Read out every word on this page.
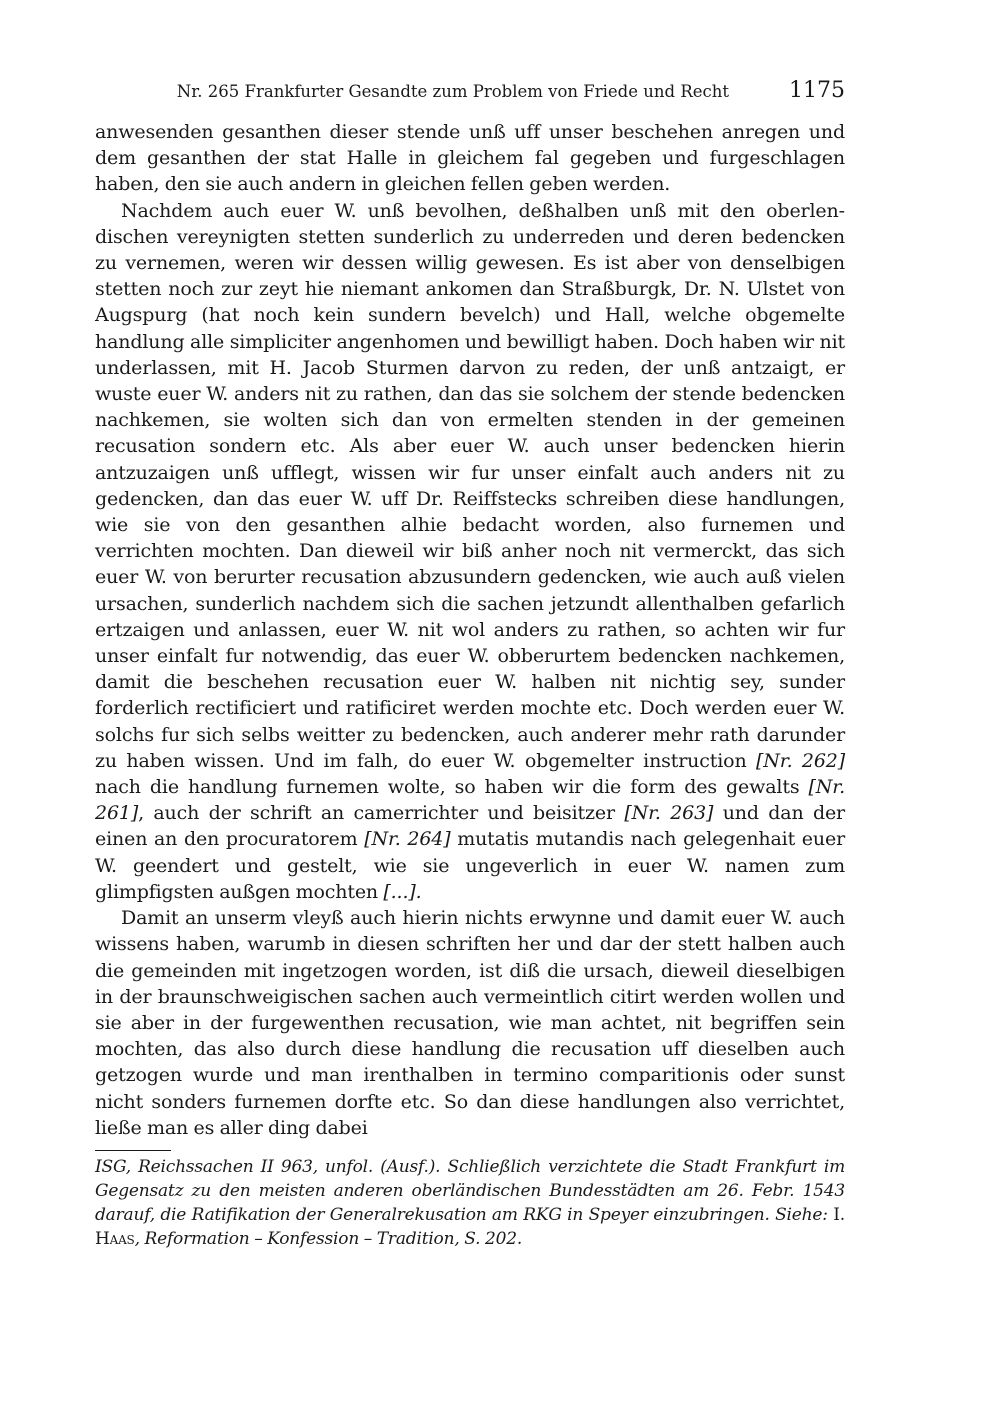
Nr. 265 Frankfurter Gesandte zum Problem von Friede und Recht	1175

anwesenden gesanthen dieser stende unß uff unser beschehen anregen und dem gesanthen der stat Halle in gleichem fal gegeben und furgeschlagen haben, den sie auch andern in gleichen fellen geben werden.

Nachdem auch euer W. unß bevolhen, deßhalben unß mit den oberlendischen vereynigten stetten sunderlich zu underreden und deren bedencken zu vernemen, weren wir dessen willig gewesen. Es ist aber von denselbigen stetten noch zur zeyt hie niemant ankomen dan Straßburgk, Dr. N. Ulstet von Augspurg (hat noch kein sundern bevelch) und Hall, welche obgemelte handlung alle simpliciter angenhomen und bewilligt haben. Doch haben wir nit underlassen, mit H. Jacob Sturmen darvon zu reden, der unß antzaigt, er wuste euer W. anders nit zu rathen, dan das sie solchem der stende bedencken nachkemen, sie wolten sich dan von ermelten stenden in der gemeinen recusation sondern etc. Als aber euer W. auch unser bedencken hierin antzuzaigen unß ufflegt, wissen wir fur unser einfalt auch anders nit zu gedencken, dan das euer W. uff Dr. Reiffstecks schreiben diese handlungen, wie sie von den gesanthen alhie bedacht worden, also furnemen und verrichten mochten. Dan dieweil wir biß anher noch nit vermerckt, das sich euer W. von berurter recusation abzusundern gedencken, wie auch auß vielen ursachen, sunderlich nachdem sich die sachen jetzundt allenthalben gefarlich ertzaigen und anlassen, euer W. nit wol anders zu rathen, so achten wir fur unser einfalt fur notwendig, das euer W. obberurtem bedencken nachkemen, damit die beschehen recusation euer W. halben nit nichtig sey, sunder forderlich rectificiert und ratificiret werden mochte etc. Doch werden euer W. solchs fur sich selbs weitter zu bedencken, auch anderer mehr rath darunder zu haben wissen. Und im falh, do euer W. obgemelter instruction [Nr. 262] nach die handlung furnemen wolte, so haben wir die form des gewalts [Nr. 261], auch der schrift an camerrichter und beisitzer [Nr. 263] und dan der einen an den procuratorem [Nr. 264] mutatis mutandis nach gelegenhait euer W. geendert und gestelt, wie sie ungeverlich in euer W. namen zum glimpfigsten außgen mochten [...].

Damit an unserm vleyß auch hierin nichts erwynne und damit euer W. auch wissens haben, warumb in diesen schriften her und dar der stett halben auch die gemeinden mit ingetzogen worden, ist diß die ursach, dieweil dieselbigen in der braunschweigischen sachen auch vermeintlich citirt werden wollen und sie aber in der furgewenthen recusation, wie man achtet, nit begriffen sein mochten, das also durch diese handlung die recusation uff dieselben auch getzogen wurde und man irenthalben in termino comparitionis oder sunst nicht sonders furnemen dorfte etc. So dan diese handlungen also verrichtet, ließe man es aller ding dabei

ISG, Reichssachen II 963, unfol. (Ausf.). Schließlich verzichtete die Stadt Frankfurt im Gegensatz zu den meisten anderen oberländischen Bundesstädten am 26. Febr. 1543 darauf, die Ratifikation der Generalrekusation am RKG in Speyer einzubringen. Siehe: I. Haas, Reformation – Konfession – Tradition, S. 202.
